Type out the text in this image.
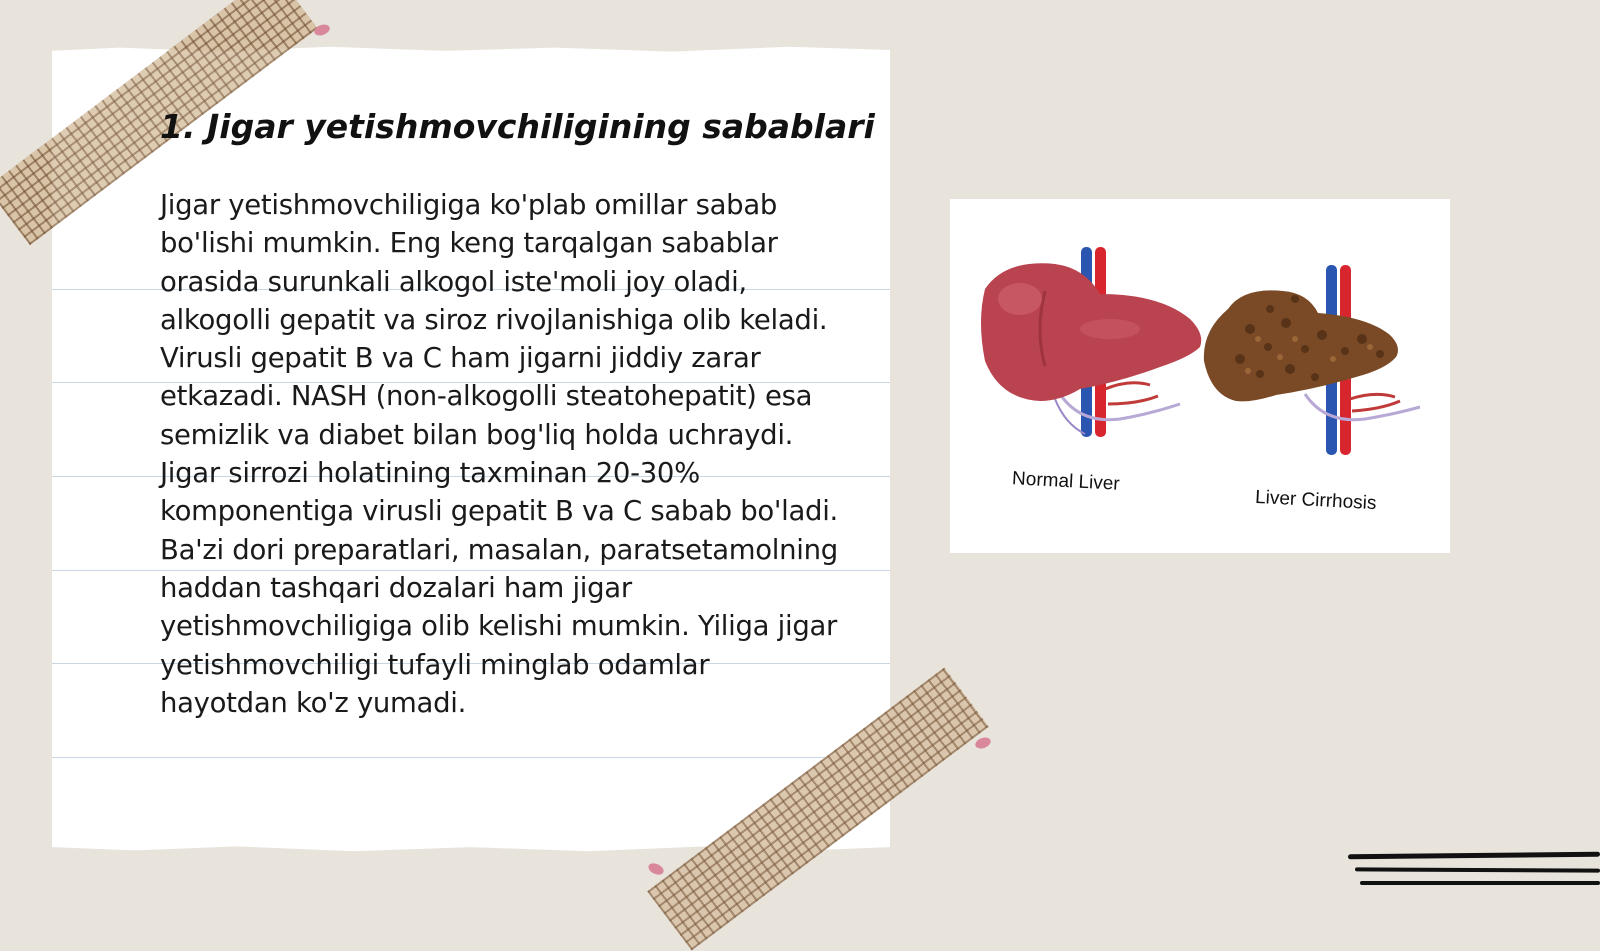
1. Jigar yetishmovchiligining sabablari

Jigar yetishmovchiligiga ko'plab omillar sabab bo'lishi mumkin. Eng keng tarqalgan sabablar orasida surunkali alkogol iste'moli joy oladi, alkogolli gepatit va siroz rivojlanishiga olib keladi. Virusli gepatit B va C ham jigarni jiddiy zarar etkazadi. NASH (non-alkogolli steatohepatit) esa semizlik va diabet bilan bog'liq holda uchraydi. Jigar sirrozi holatining taxminan 20-30% komponentiga virusli gepatit B va C sabab bo'ladi. Ba'zi dori preparatlari, masalan, paratsetamolning haddan tashqari dozalari ham jigar yetishmovchiligiga olib kelishi mumkin. Yiliga jigar yetishmovchiligi tufayli minglab odamlar hayotdan ko'z yumadi.

Normal Liver
Liver Cirrhosis
